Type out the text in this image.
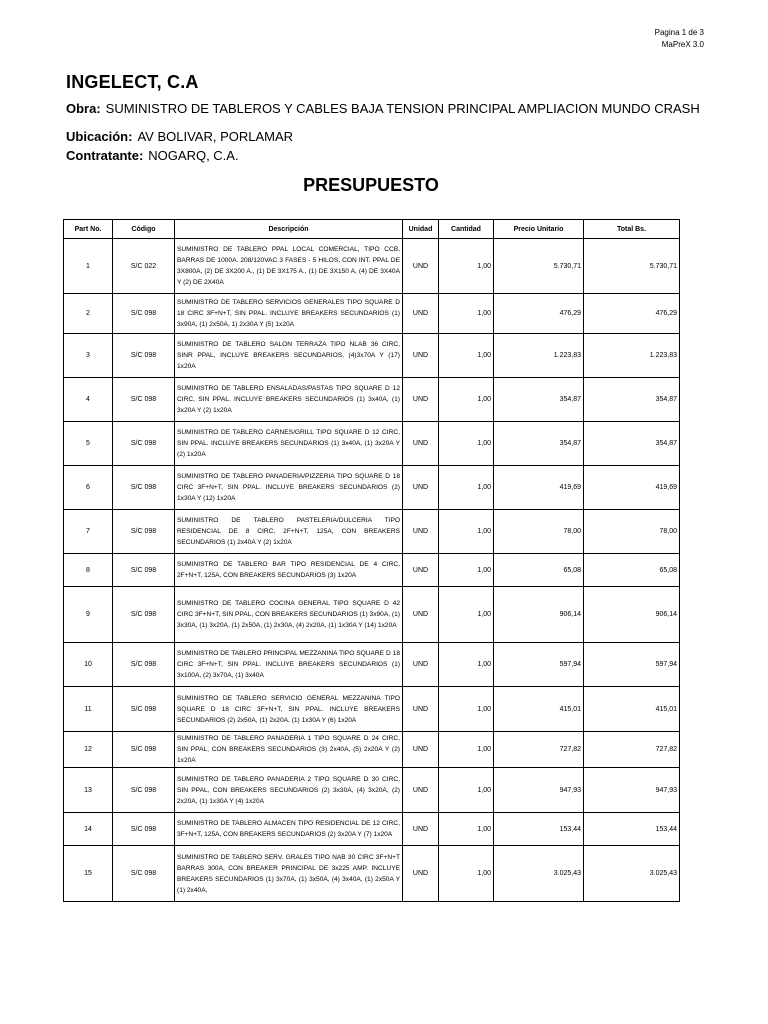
Pagina 1 de 3
MaPreX 3.0
INGELECT, C.A
Obra: SUMINISTRO DE TABLEROS Y CABLES BAJA TENSION PRINCIPAL AMPLIACION MUNDO CRASH
Ubicación: AV BOLIVAR, PORLAMAR
Contratante: NOGARQ, C.A.
PRESUPUESTO
Part No.	Código	Descripción	Unidad	Cantidad	Precio Unitario	Total Bs.
1	S/C 022	SUMINISTRO DE TABLERO PPAL LOCAL COMERCIAL, TIPO CCB, BARRAS DE 1000A. 208/120VAC 3 FASES - 5 HILOS, CON INT. PPAL DE 3X800A, (2) DE 3X200 A., (1) DE 3X175 A., (1) DE 3X150 A, (4) DE 3X40A Y (2) DE 2X40A	UND	1,00	5.730,71	5.730,71
2	S/C 098	SUMINISTRO DE TABLERO SERVICIOS GENERALES TIPO SQUARE D 18 CIRC 3F+N+T, SIN PPAL. INCLUYE BREAKERS SECUNDARIOS (1) 3x90A, (1) 2x50A, 1) 2x30A Y (5) 1x20A	UND	1,00	476,29	476,29
3	S/C 098	SUMINISTRO DE TABLERO SALON TERRAZA TIPO NLAB 36 CIRC, SINR PPAL, INCLUYE BREAKERS SECUNDARIOS, (4)3x70A Y (17) 1x20A	UND	1,00	1.223,83	1.223,83
4	S/C 098	SUMINISTRO DE TABLERO ENSALADAS/PASTAS TIPO SQUARE D 12 CIRC, SIN PPAL. INCLUYE BREAKERS SECUNDARIOS (1) 3x40A, (1) 3x20A Y (2) 1x20A	UND	1,00	354,87	354,87
5	S/C 098	SUMINISTRO DE TABLERO CARNES/GRILL TIPO SQUARE D 12 CIRC, SIN PPAL. INCLUYE BREAKERS SECUNDARIOS (1) 3x40A, (1) 3x20A Y (2) 1x20A	UND	1,00	354,87	354,87
6	S/C 098	SUMINISTRO DE TABLERO PANADERIA/PIZZERIA TIPO SQUARE D 18 CIRC 3F+N+T, SIN PPAL. INCLUYE BREAKERS SECUNDARIOS (2) 1x30A Y (12) 1x20A	UND	1,00	419,69	419,69
7	S/C 098	SUMINISTRO DE TABLERO PASTELERIA/DULCERIA TIPO RESIDENCIAL DE 8 CIRC, 2F+N+T, 125A, CON BREAKERS SECUNDARIOS (1) 2x40A Y (2) 1x20A	UND	1,00	78,00	78,00
8	S/C 098	SUMINISTRO DE TABLERO BAR TIPO RESIDENCIAL DE 4 CIRC, 2F+N+T, 125A, CON BREAKERS SECUNDARIOS (3) 1x20A	UND	1,00	65,08	65,08
9	S/C 098	SUMINISTRO DE TABLERO COCINA GENERAL TIPO SQUARE D 42 CIRC 3F+N+T, SIN PPAL, CON BREAKERS SECUNDARIOS (1) 3x90A, (1) 3x30A, (1) 3x20A, (1) 2x50A, (1) 2x30A, (4) 2x20A, (1) 1x30A Y (14) 1x20A	UND	1,00	906,14	906,14
10	S/C 098	SUMINISTRO DE TABLERO PRINCIPAL MEZZANINA TIPO SQUARE D 18 CIRC 3F+N+T, SIN PPAL. INCLUYE BREAKERS SECUNDARIOS (1) 3x100A, (2) 3x70A, (1) 3x40A	UND	1,00	597,94	597,94
11	S/C 098	SUMINISTRO DE TABLERO SERVICIO GENERAL MEZZANINA TIPO SQUARE D 18 CIRC 3F+N+T, SIN PPAL. INCLUYE BREAKERS SECUNDARIOS (2) 2x50A, (1) 2x20A, (1) 1x30A Y (6) 1x20A	UND	1,00	415,01	415,01
12	S/C 098	SUMINISTRO DE TABLERO PANADERIA 1 TIPO SQUARE D 24 CIRC, SIN PPAL, CON BREAKERS SECUNDARIOS (3) 2x40A, (5) 2x20A Y (2) 1x20A	UND	1,00	727,82	727,82
13	S/C 098	SUMINISTRO DE TABLERO PANADERIA 2 TIPO SQUARE D 30 CIRC, SIN PPAL, CON BREAKERS SECUNDARIOS (2) 3x30A, (4) 3x20A, (2) 2x20A, (1) 1x30A Y (4) 1x20A	UND	1,00	947,93	947,93
14	S/C 098	SUMINISTRO DE TABLERO ALMACEN TIPO RESIDENCIAL DE 12 CIRC, 3F+N+T, 125A, CON BREAKERS SECUNDARIOS (2) 3x20A Y (7) 1x20A	UND	1,00	153,44	153,44
15	S/C 098	SUMINISTRO DE TABLERO SERV. GRALES TIPO NAB 30 CIRC 3F+N+T BARRAS 300A, CON BREAKER PRINCIPAL DE 3x225 AMP. INCLUYE BREAKERS SECUNDARIOS (1) 3x70A, (1) 3x50A, (4) 3x40A, (1) 2x50A Y (1) 2x40A,	UND	1,00	3.025,43	3.025,43
